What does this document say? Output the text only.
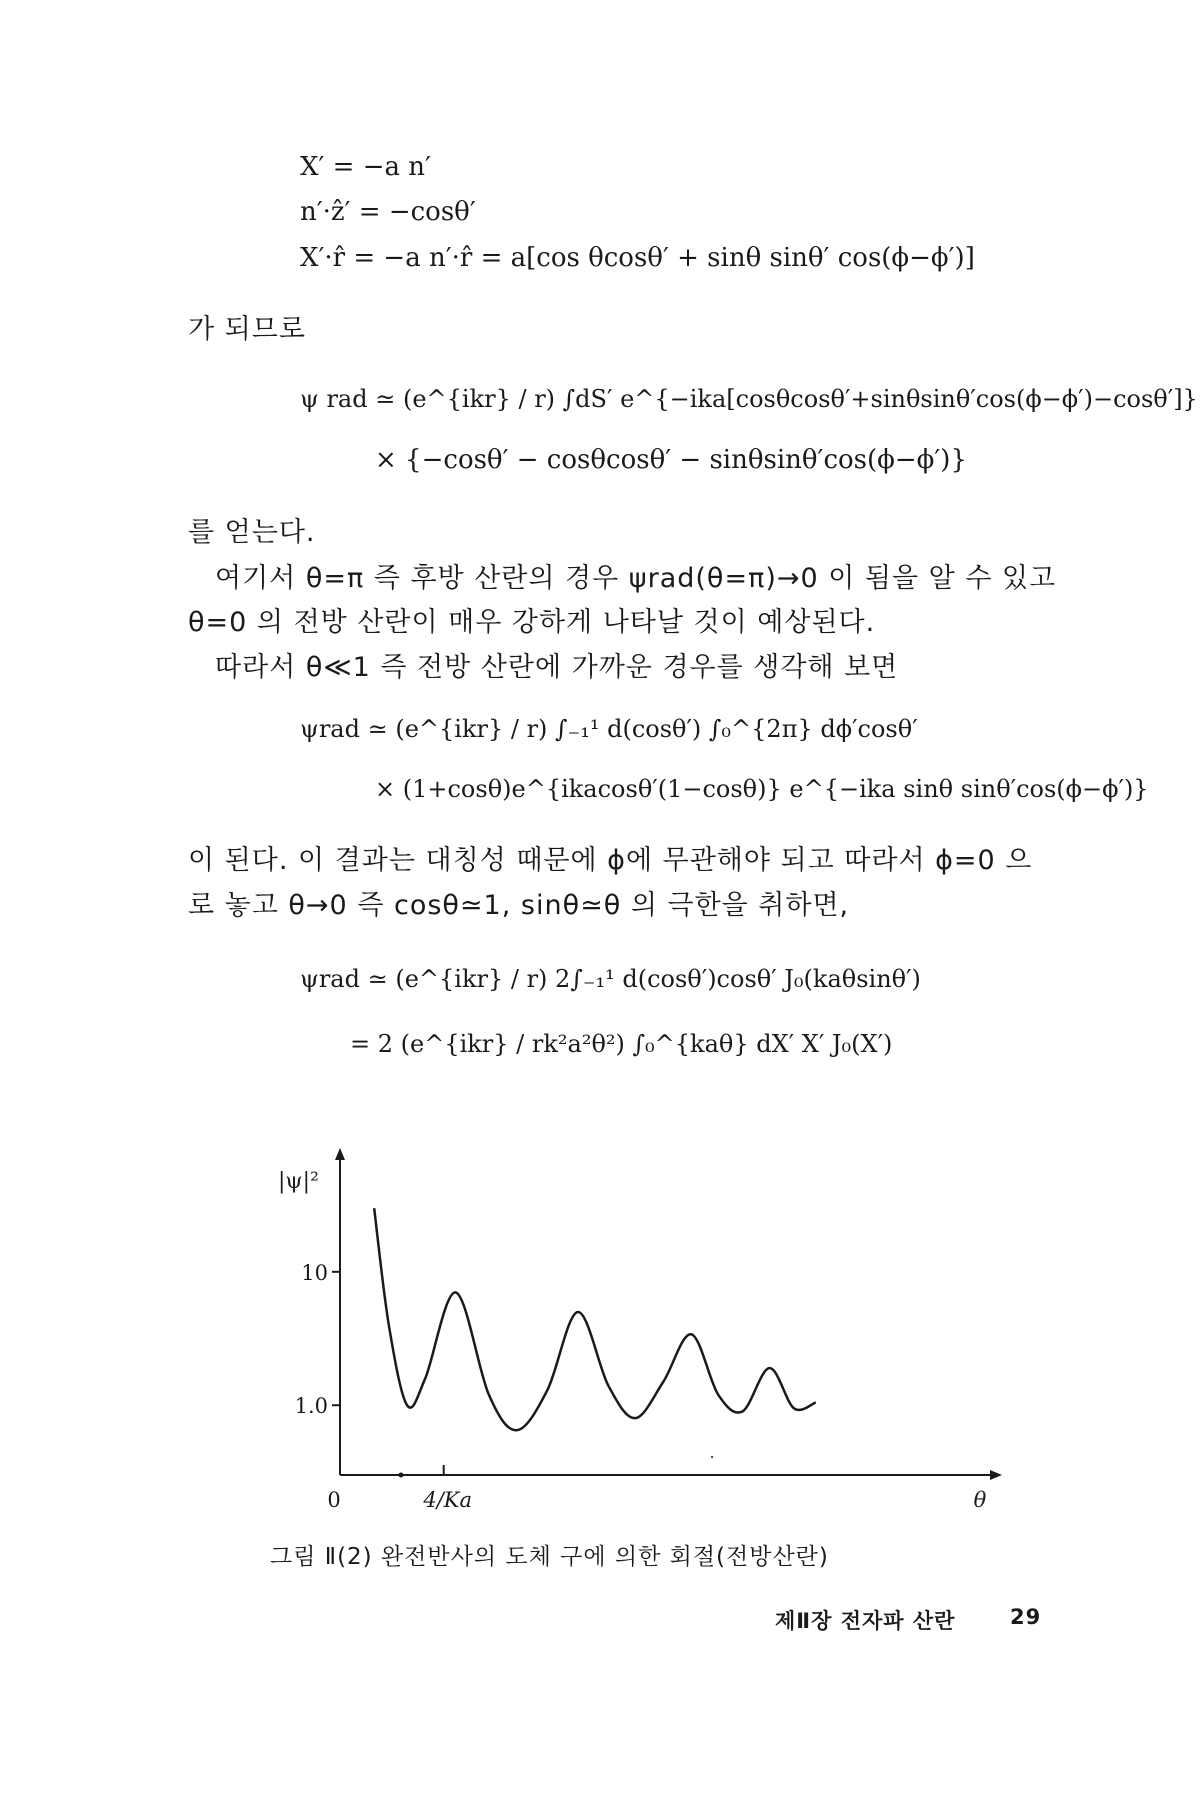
X′ = −a n′
n′·ẑ′ = −cosθ′
X′·r̂ = −a n′·r̂ = a[cos θcosθ′ + sinθ sinθ′ cos(ϕ−ϕ′)]
가 되므로
ψ rad ≃ (e^{ikr} / r) ∫dS′ e^{−ika[cosθcosθ′+sinθsinθ′cos(ϕ−ϕ′)−cosθ′]}
× {−cosθ′ − cosθcosθ′ − sinθsinθ′cos(ϕ−ϕ′)}
를 얻는다.
여기서 θ=π 즉 후방 산란의 경우 ψrad(θ=π)→0 이 됨을 알 수 있고
θ=0 의 전방 산란이 매우 강하게 나타날 것이 예상된다.
따라서 θ≪1 즉 전방 산란에 가까운 경우를 생각해 보면
ψrad ≃ (e^{ikr} / r) ∫₋₁¹ d(cosθ′) ∫₀^{2π} dϕ′cosθ′
× (1+cosθ)e^{ikacosθ′(1−cosθ)} e^{−ika sinθ sinθ′cos(ϕ−ϕ′)}
이 된다. 이 결과는 대칭성 때문에 ϕ에 무관해야 되고 따라서 ϕ=0 으
로 놓고 θ→0 즉 cosθ≃1, sinθ≃θ 의 극한을 취하면,
ψrad ≃ (e^{ikr} / r) 2∫₋₁¹ d(cosθ′)cosθ′ J₀(kaθsinθ′)
= 2 (e^{ikr} / rk²a²θ²) ∫₀^{kaθ} dX′ X′ J₀(X′)
|ψ|²
1.0
10
0	4/Ka	θ
그림 Ⅱ(2) 완전반사의 도체 구에 의한 회절(전방산란)
제Ⅱ장 전자파 산란	29
